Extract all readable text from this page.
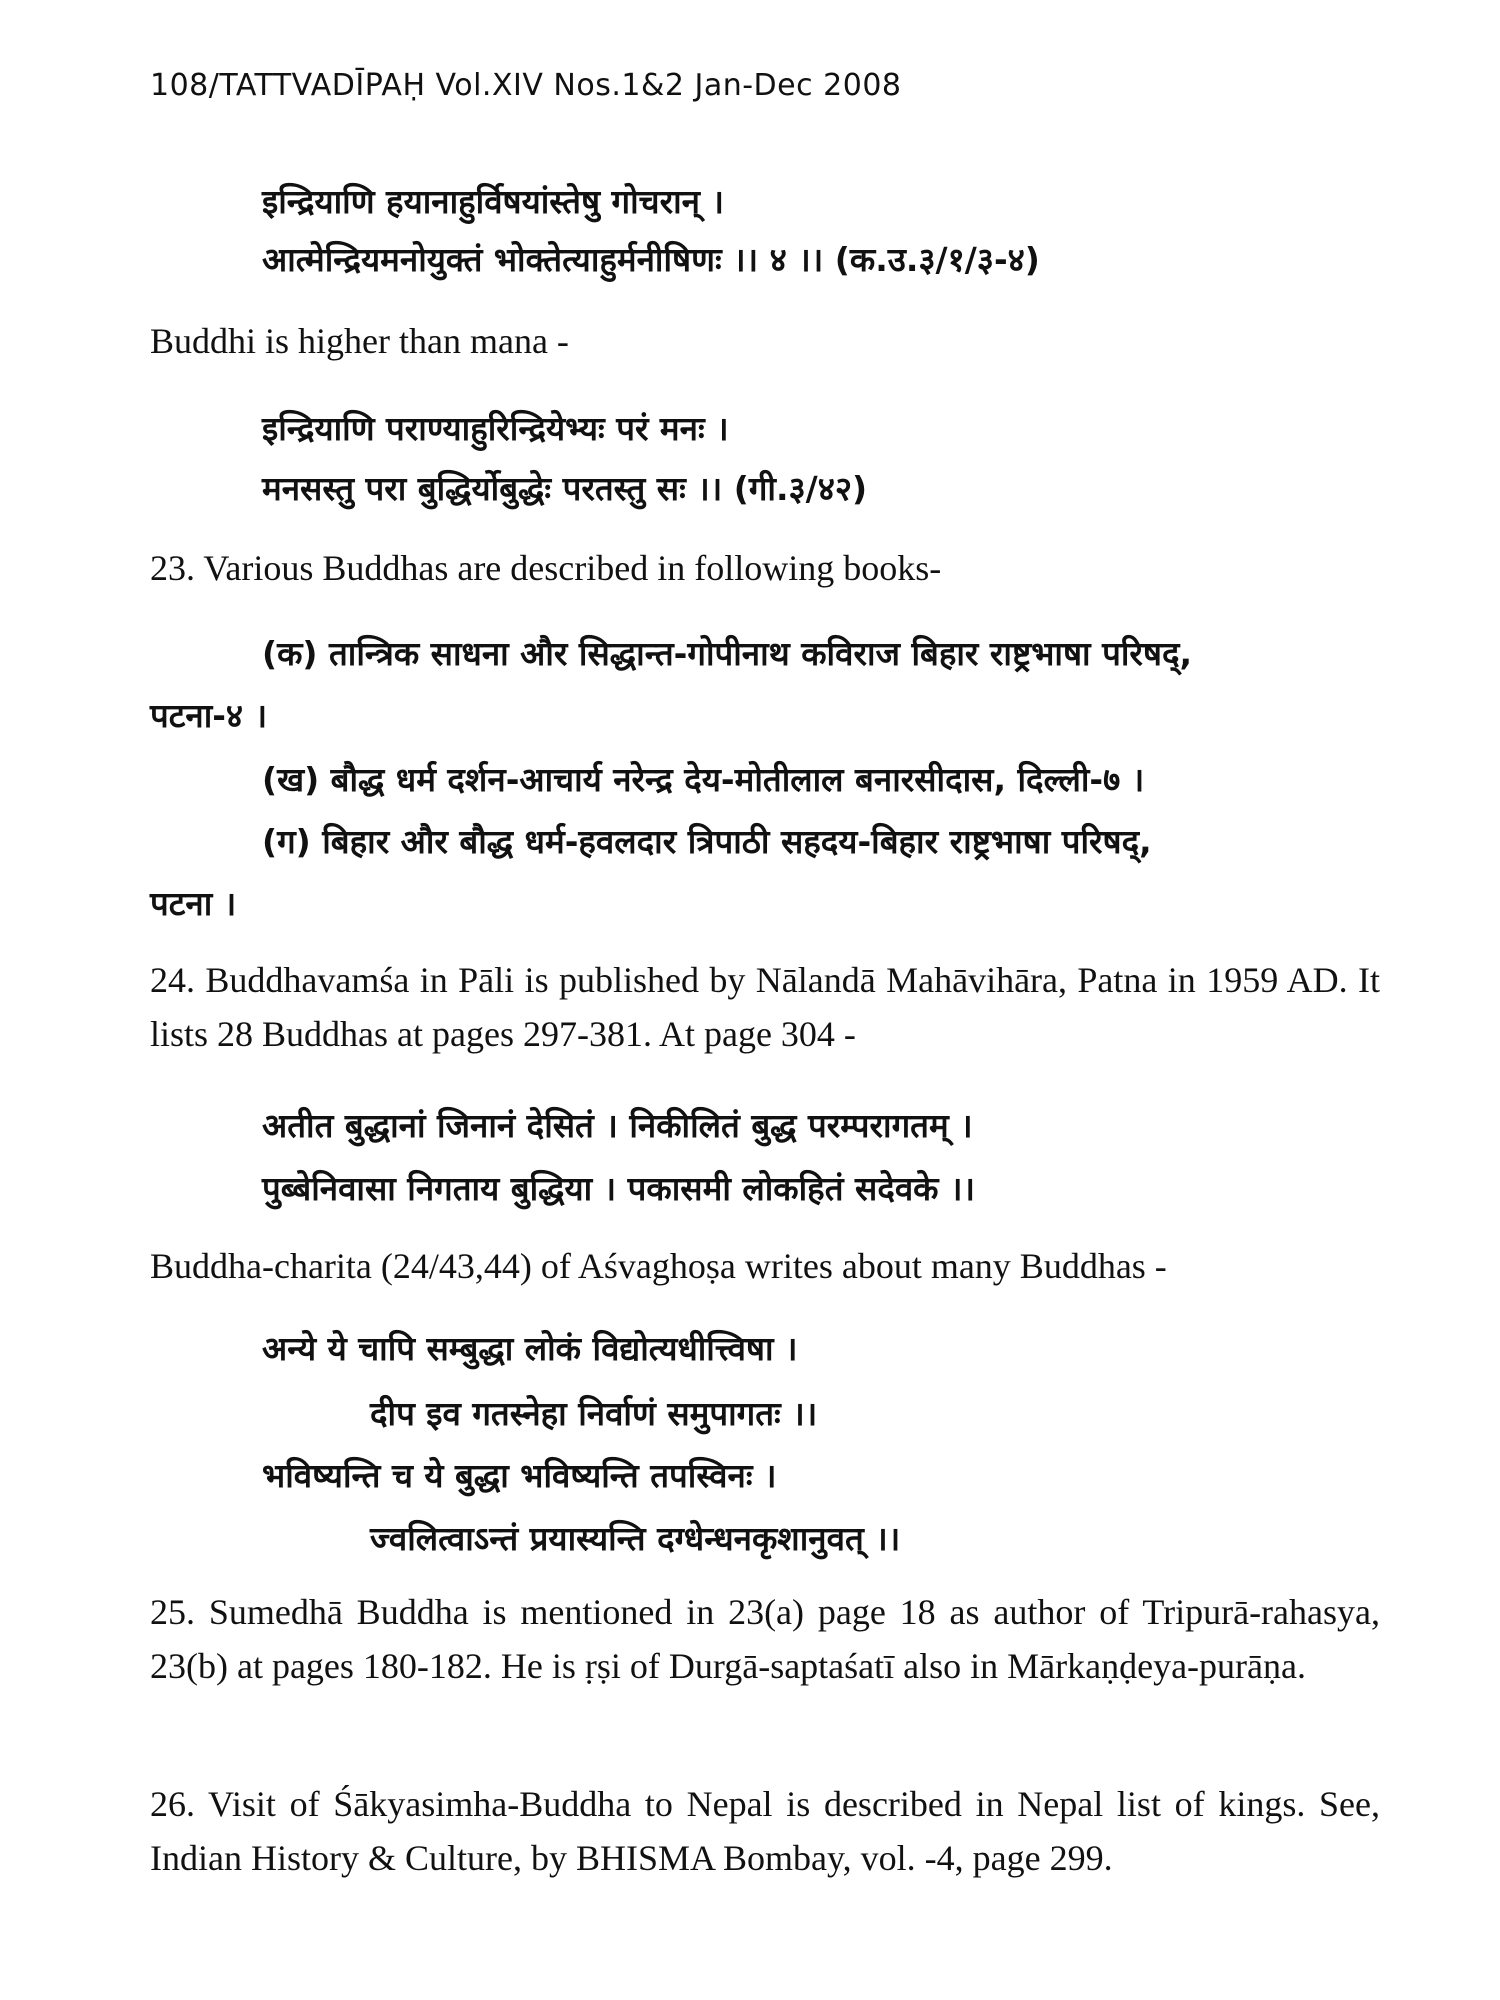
108/TATTVADĪPAḤ Vol.XIV Nos.1&2 Jan-Dec 2008
इन्द्रियाणि हयानाहुर्विषयांस्तेषु गोचरान् ।
आत्मेन्द्रियमनोयुक्तं भोक्तेत्याहुर्मनीषिणः ।। ४ ।। (क.उ.३/१/३-४)
Buddhi is higher than mana -
इन्द्रियाणि पराण्याहुरिन्द्रियेभ्यः परं मनः ।
मनसस्तु परा बुद्धिर्योबुद्धेः परतस्तु सः ।। (गी.३/४२)
23. Various Buddhas are described in following books-
(क) तान्त्रिक साधना और सिद्धान्त-गोपीनाथ कविराज बिहार राष्ट्रभाषा परिषद्,
पटना-४ ।
(ख) बौद्ध धर्म दर्शन-आचार्य नरेन्द्र देय-मोतीलाल बनारसीदास, दिल्ली-७ ।
(ग) बिहार और बौद्ध धर्म-हवलदार त्रिपाठी सहदय-बिहार राष्ट्रभाषा परिषद्,
पटना ।
24. Buddhavamśa in Pāli is published by Nālandā Mahāvihāra, Patna in 1959 AD. It lists 28 Buddhas at pages 297-381. At page 304 -
अतीत बुद्धानां जिनानं देसितं । निकीलितं बुद्ध परम्परागतम् ।
पुब्बेनिवासा निगताय बुद्धिया । पकासमी लोकहितं सदेवके ।।
Buddha-charita (24/43,44) of Aśvaghoṣa writes about many Buddhas -
अन्ये ये चापि सम्बुद्धा लोकं विद्योत्यधीत्त्विषा ।
दीप इव गतस्नेहा निर्वाणं समुपागतः ।।
भविष्यन्ति च ये बुद्धा भविष्यन्ति तपस्विनः ।
ज्वलित्वाऽन्तं प्रयास्यन्ति दग्धेन्धनकृशानुवत् ।।
25. Sumedhā Buddha is mentioned in 23(a) page 18 as author of Tripurā-rahasya, 23(b) at pages 180-182. He is ṛṣi of Durgā-saptaśatī also in Mārkaṇḍeya-purāṇa.
26. Visit of Śākyasimha-Buddha to Nepal is described in Nepal list of kings. See, Indian History & Culture, by BHISMA Bombay, vol. -4, page 299.
